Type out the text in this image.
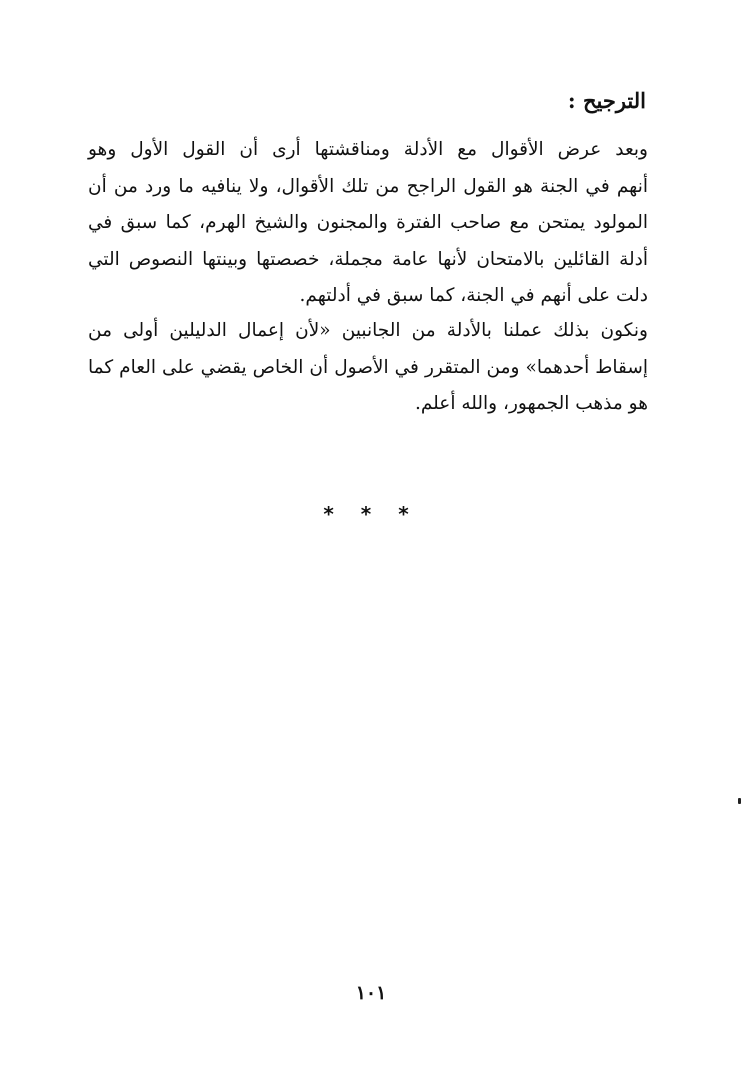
الترجيح :

وبعد عرض الأقوال مع الأدلة ومناقشتها أرى أن القول الأول وهو
أنهم في الجنة هو القول الراجح من تلك الأقوال، ولا ينافيه ما ورد من أن
المولود يمتحن مع صاحب الفترة والمجنون والشيخ الهرم، كما سبق في
أدلة القائلين بالامتحان لأنها عامة مجملة، خصصتها وبينتها النصوص التي
دلت على أنهم في الجنة، كما سبق في أدلتهم.

ونكون بذلك عملنا بالأدلة من الجانبين «لأن إعمال الدليلين أولى من
إسقاط أحدهما» ومن المتقرر في الأصول أن الخاص يقضي على العام كما
هو مذهب الجمهور، والله أعلم.

* * *
١٠١
